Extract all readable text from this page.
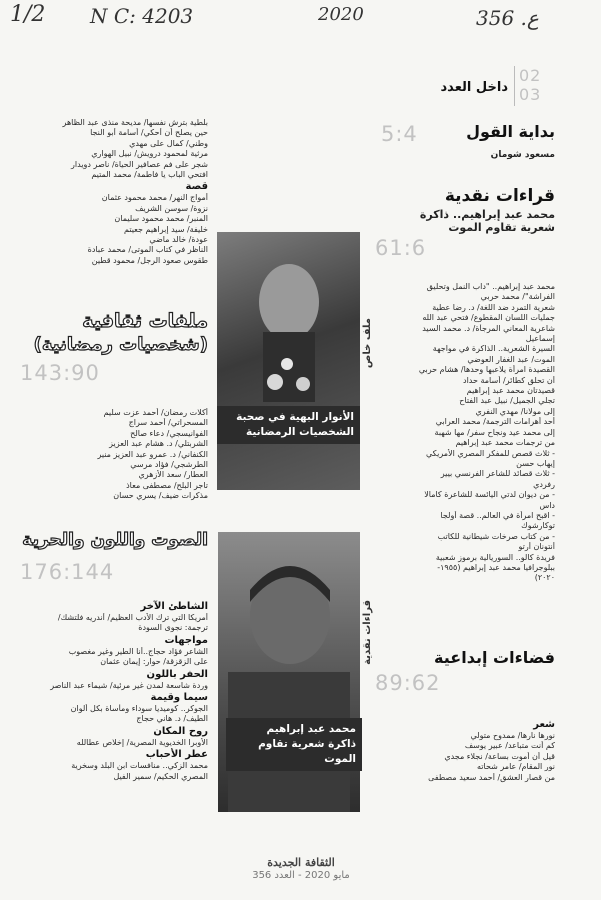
1/2 N C: 4203	2020	356 .ع
02
03
داخل العدد
بداية القول
5:4
مسعود شومان
قراءات نقدية
محمد عبد إبراهيم.. ذاكرة
شعرية تقاوم الموت
61:6
محمد عبد إبراهيم.. "داب النمل وتحليق
الفراشة"/ محمد حربي
شعرية التمرد ضد اللغة/ د. رضا عطية
جمليات اللسان المقطوع/ فتحي عبد الله
شاعرية المعاني المرجأة/ د. محمد السيد
إسماعيل
السيرة الشعرية.. الذاكرة في مواجهة
الموت/ عبد الغفار العوضي
القصيدة امرأة يلاعبها وحدها/ هشام حربي
أن تحلق كطائر/ أسامة حداد
قصيدتان محمد عبد إبراهيم
تجلي الجميل/ نبيل عبد الفتاح
إلى مولانا/ مهدي النفري
أحد أهرامات الترجمة/ محمد العرابي
إلى محمد عيد ونجاح سفر/ مها شهبة
من ترجمات محمد عبد إبراهيم
- ثلاث قصص للمفكر المصري الأمريكي
إيهاب حسن
- ثلاث قصائد للشاعر الفرنسي بيير
رفردي
- من ديوان لدتي اليائسة للشاعرة كامالا
داس
- اقبح امرأة في العالم.. قصة أولجا
توكارشوك
- من كتاب صرخات شيطانية للكاتب
أنتونان أرتو
فريدة كالو.. السوريالية برموز شعبية
ببلوجرافيا محمد عبد إبراهيم (١٩٥٥-
٢٠٢٠)
فضاءات إبداعية
89:62
شعر
نورها نارها/ ممدوح متولي
كم أنت متباعد/ عبير يوسف
قيل أن أموت بساعة/ نجلاء مجدي
نور المقام/ عامر شحاته
من قصار العشق/ أحمد سعيد مصطفى
الأنوار البهية في صحبة
الشخصيات الرمضانية
ملف خاص
محمد عبد إبراهيم
ذاكرة شعرية تقاوم الموت
قراءات نقدية
بلطية بترش نفسها/ مديحة منذى عبد الظاهر
حين يصلح أن أحكي/ أسامة أبو النجا
وطني/ كمال على مهدي
مرثية لمحمود درويش/ نبيل الهواري
شجر على فم عصافير الحياة/ ناصر دويدار
افتحي الباب يا فاطمة/ محمد المتيم
قصة
أمواج النهر/ محمد محمود عثمان
نزوة/ سوسن الشريف
المنبر/ محمد محمود سليمان
خليفة/ سيد إبراهيم جعيتم
عودة/ خالد ماضي
الناظر في كتاب الموتى/ محمد عبادة
طقوس صعود الرجل/ محمود قطين
ملفات ثقافية
(شخصيات رمضانية)
143:90
أكلات رمضان/ أحمد عزت سليم
المسحراتي/ أحمد سراج
الفوانيسجي/ دعاء صالح
الشربتلي/ د. هشام عبد العزيز
الكنفاني/ د. عمرو عبد العزيز منير
الطرشجي/ فؤاد مرسي
العطار/ سعد الأزهري
تاجر البلح/ مصطفى معاذ
مذكرات ضيف/ يسري حسان
الصوت واللون والحرية
176:144
الشاطئ الآخر
أمريكا التي ترك الأدب العظيم/ أندريه فلتشك/
ترجمة: نجوى السودة
مواجهات
الشاعر فؤاد حجاج..أنا الطير وغير مغصوب
على الزقزقة/ حوار: إيمان عثمان
الحفر باللون
وردة شاسعة لمدن غير مرئية/ شيماء عبد الناصر
سيما وقيمة
الجوكر.. كوميديا سوداء ومأساة بكل ألوان
الطيف/ د. هاني حجاج
روح المكان
الأوبرا الخديوية المصرية/ إخلاص عطالله
عطر الأحباب
محمد الزكي.. منافسات ابن البلد وسخرية
المصري الحكيم/ سمير الفيل
الثقافة الجديدة
مايو 2020 - العدد 356
